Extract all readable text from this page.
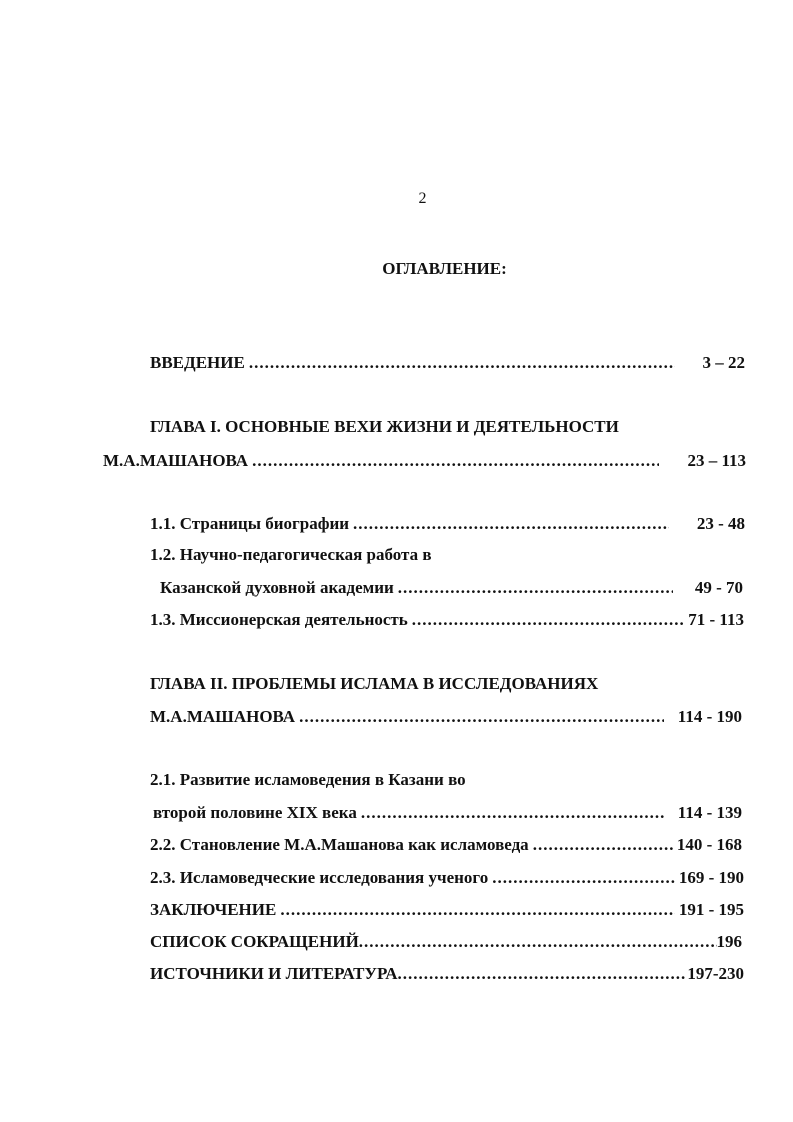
2
ОГЛАВЛЕНИЕ:
ВВЕДЕНИЕ .....	3 – 22
ГЛАВА I. ОСНОВНЫЕ ВЕХИ ЖИЗНИ И ДЕЯТЕЛЬНОСТИ
М.А.МАШАНОВА .....	23 – 113
1.1. Страницы биографии .....	23 - 48
1.2. Научно-педагогическая работа в
Казанской духовной академии .....	49 - 70
1.3. Миссионерская деятельность .....	71 - 113
ГЛАВА II. ПРОБЛЕМЫ ИСЛАМА В ИССЛЕДОВАНИЯХ
М.А.МАШАНОВА .....	114 - 190
2.1. Развитие исламоведения в Казани во
второй половине XIX века .....	114 - 139
2.2. Становление М.А.Машанова как исламоведа .....	140 - 168
2.3. Исламоведческие исследования ученого .....	169 - 190
ЗАКЛЮЧЕНИЕ .....	191 - 195
СПИСОК СОКРАЩЕНИЙ .....	196
ИСТОЧНИКИ И ЛИТЕРАТУРА .....	197-230
